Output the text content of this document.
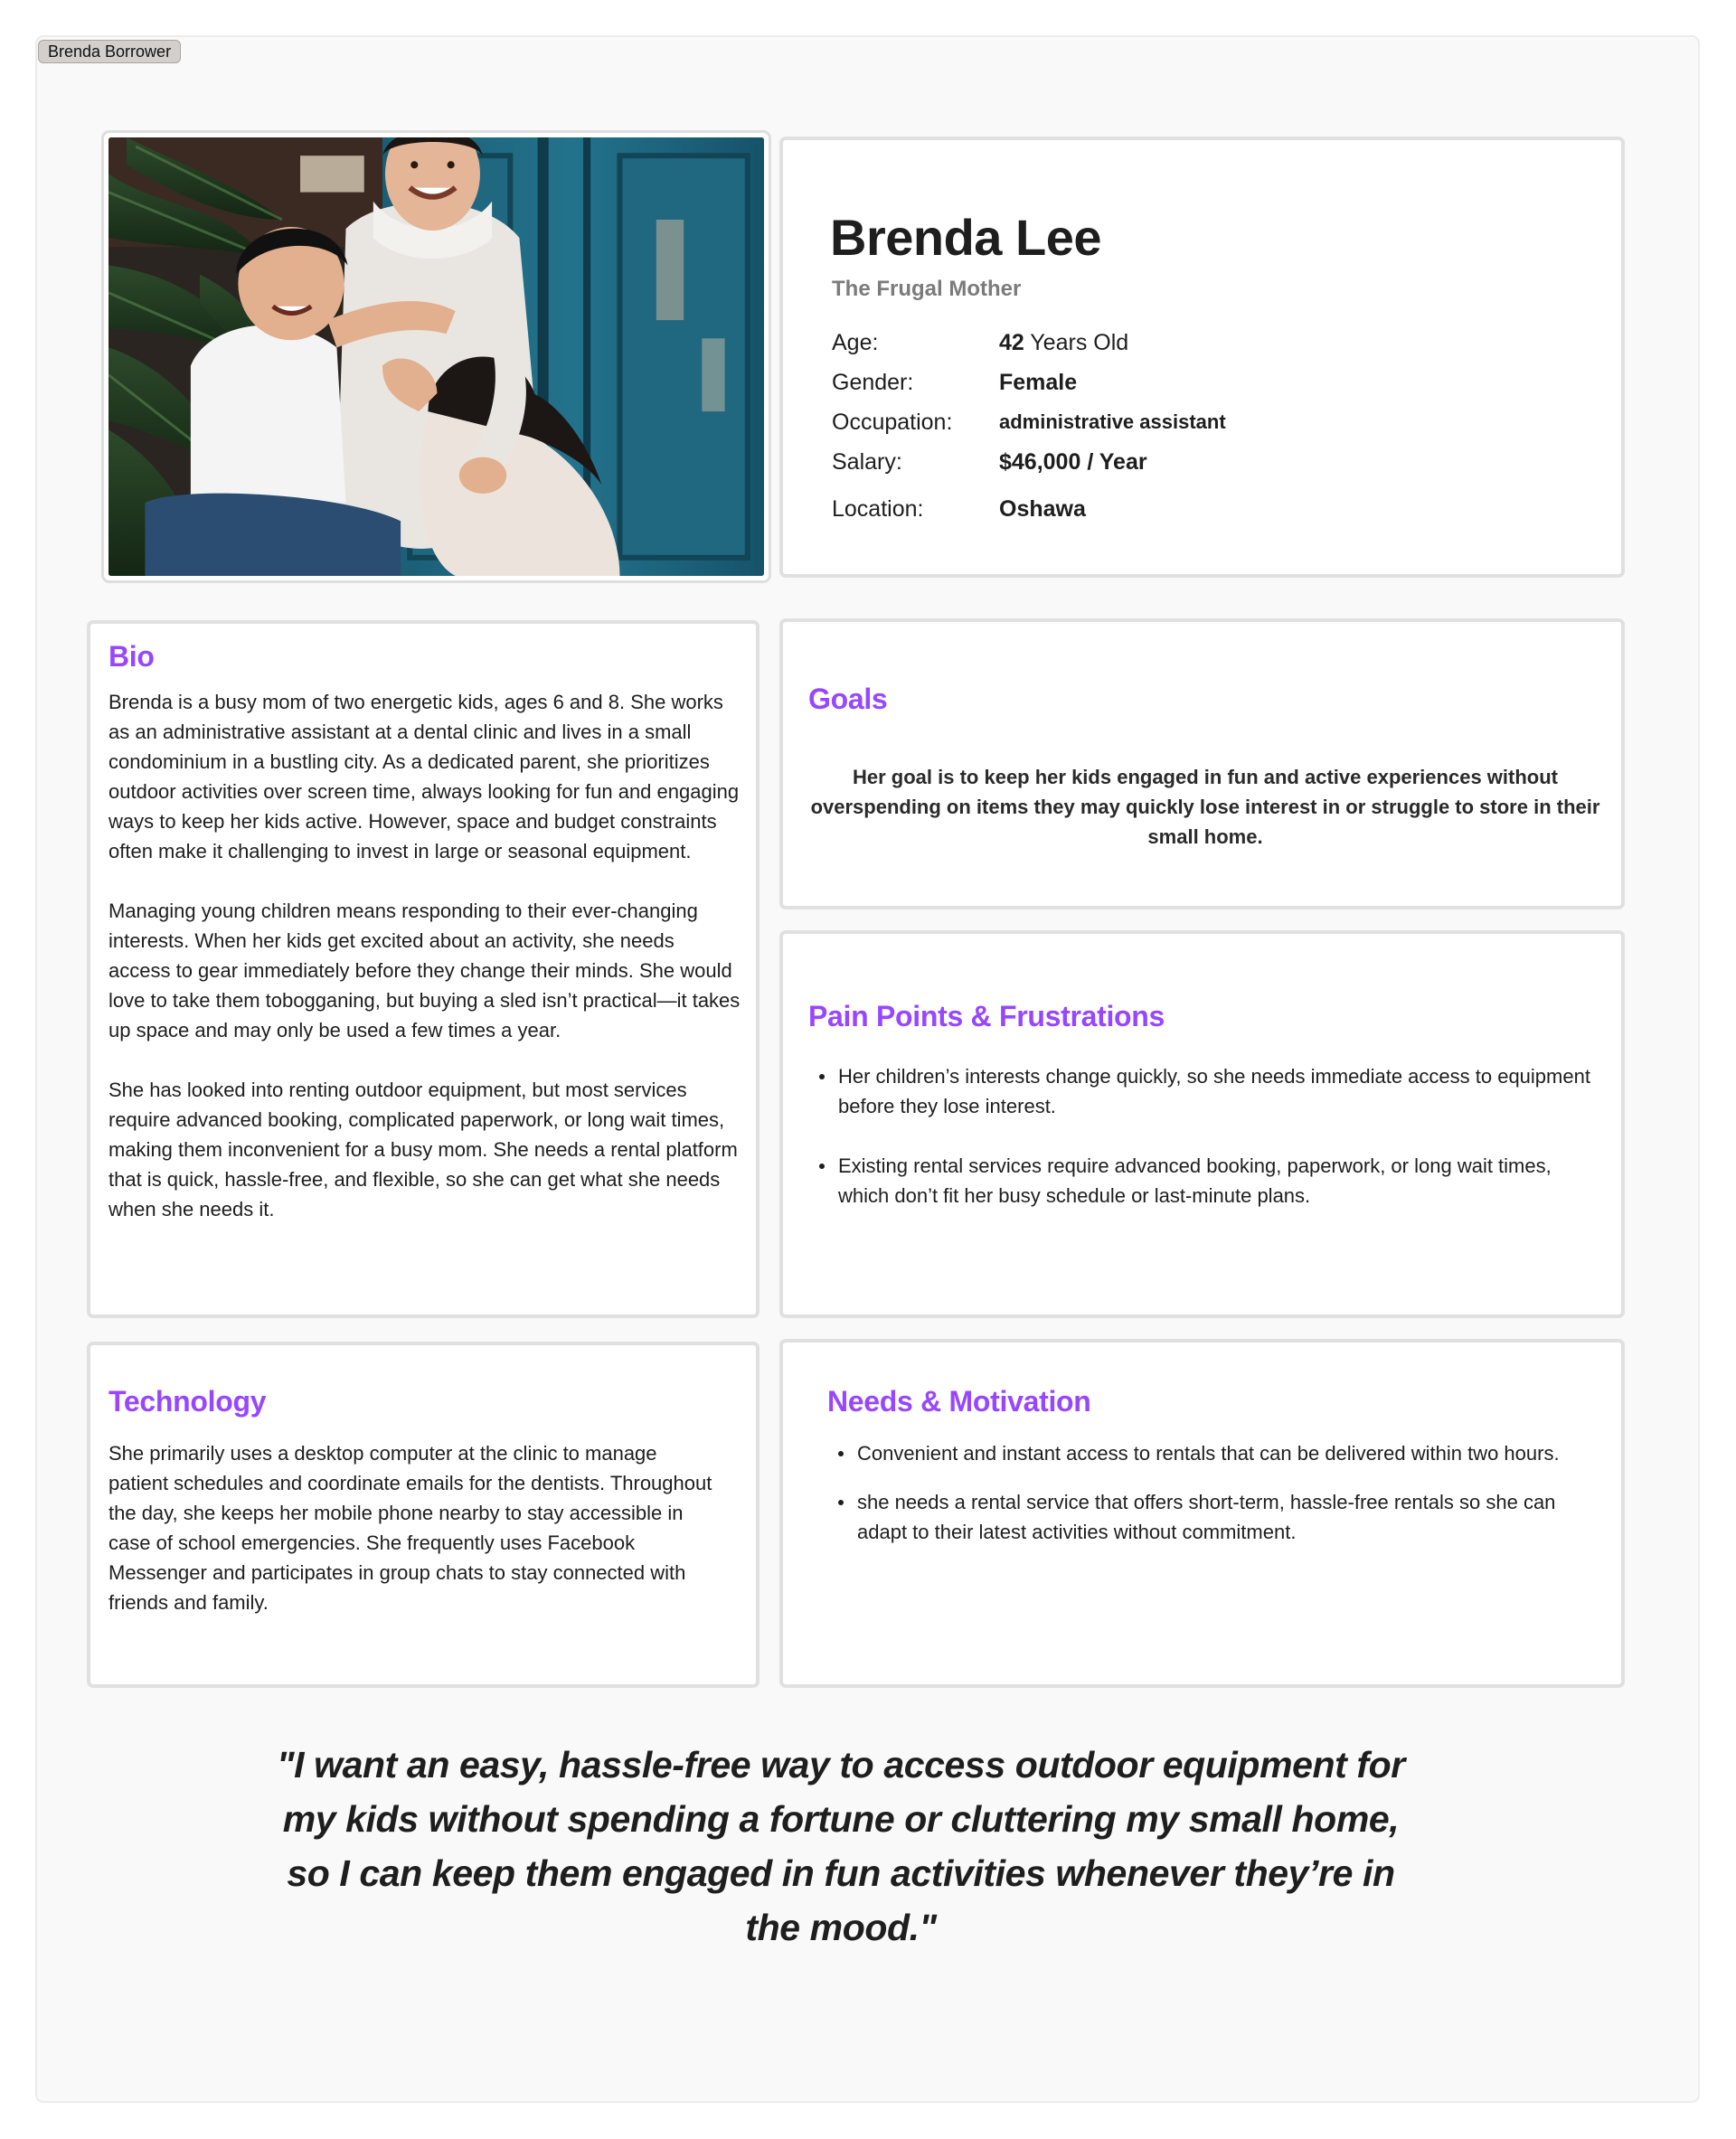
Brenda Borrower
Brenda Lee
The Frugal Mother
Age:	42 Years Old
Gender:	Female
Occupation: administrative assistant
Salary:	$46,000 / Year
Location:	Oshawa
Bio

Brenda is a busy mom of two energetic kids, ages 6 and 8. She works as an administrative assistant at a dental clinic and lives in a small condominium in a bustling city. As a dedicated parent, she prioritizes outdoor activities over screen time, always looking for fun and engaging ways to keep her kids active. However, space and budget constraints often make it challenging to invest in large or seasonal equipment.

Managing young children means responding to their ever-changing interests. When her kids get excited about an activity, she needs access to gear immediately before they change their minds. She would love to take them tobogganing, but buying a sled isn’t practical—it takes up space and may only be used a few times a year.

She has looked into renting outdoor equipment, but most services require advanced booking, complicated paperwork, or long wait times, making them inconvenient for a busy mom. She needs a rental platform that is quick, hassle-free, and flexible, so she can get what she needs when she needs it.

Goals
Her goal is to keep her kids engaged in fun and active experiences without overspending on items they may quickly lose interest in or struggle to store in their small home.
Pain Points & Frustrations
Her children’s interests change quickly, so she needs immediate access to equipment before they lose interest.
Existing rental services require advanced booking, paperwork, or long wait times, which don’t fit her busy schedule or last-minute plans.
Technology
She primarily uses a desktop computer at the clinic to manage patient schedules and coordinate emails for the dentists. Throughout the day, she keeps her mobile phone nearby to stay accessible in case of school emergencies. She frequently uses Facebook Messenger and participates in group chats to stay connected with friends and family.
Needs & Motivation
Convenient and instant access to rentals that can be delivered within two hours.
she needs a rental service that offers short-term, hassle-free rentals so she can adapt to their latest activities without commitment.
"I want an easy, hassle-free way to access outdoor equipment for my kids without spending a fortune or cluttering my small home, so I can keep them engaged in fun activities whenever they’re in the mood."
